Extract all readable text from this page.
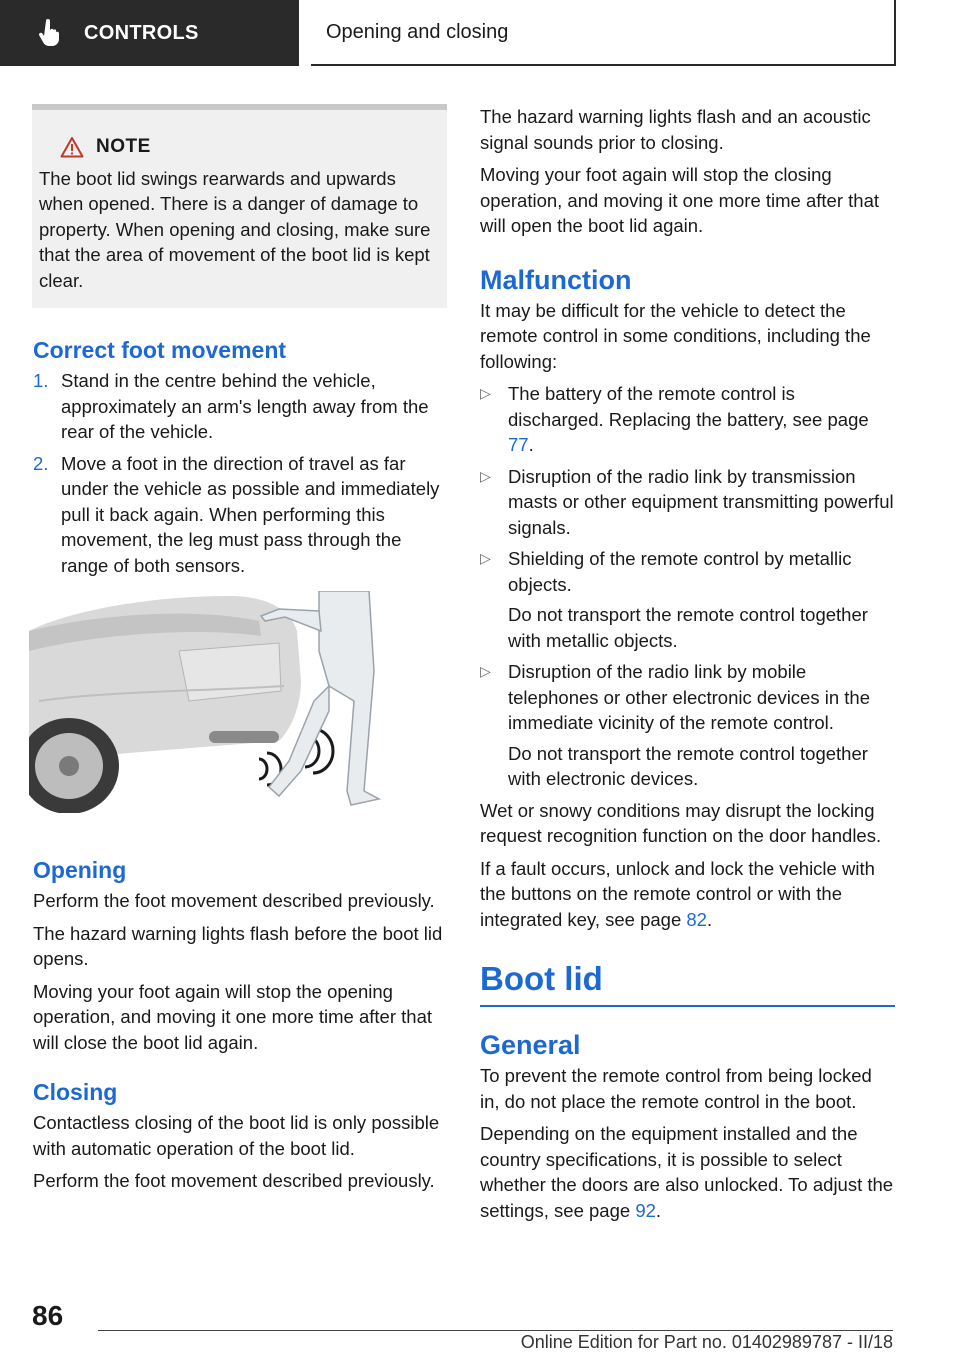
CONTROLS	Opening and closing
NOTE
The boot lid swings rearwards and upwards when opened. There is a danger of damage to property. When opening and closing, make sure that the area of movement of the boot lid is kept clear.
Correct foot movement
1. Stand in the centre behind the vehicle, approximately an arm's length away from the rear of the vehicle.
2. Move a foot in the direction of travel as far under the vehicle as possible and immediately pull it back again. When performing this movement, the leg must pass through the range of both sensors.
Opening

Perform the foot movement described previously.

The hazard warning lights flash before the boot lid opens.

Moving your foot again will stop the opening operation, and moving it one more time after that will close the boot lid again.

Closing

Contactless closing of the boot lid is only possible with automatic operation of the boot lid.

Perform the foot movement described previously.

The hazard warning lights flash and an acoustic signal sounds prior to closing.

Moving your foot again will stop the closing operation, and moving it one more time after that will open the boot lid again.

Malfunction

It may be difficult for the vehicle to detect the remote control in some conditions, including the following:

▷ The battery of the remote control is discharged. Replacing the battery, see page 77.
▷ Disruption of the radio link by transmission masts or other equipment transmitting powerful signals.
▷ Shielding of the remote control by metallic objects.
Do not transport the remote control together with metallic objects.
▷ Disruption of the radio link by mobile telephones or other electronic devices in the immediate vicinity of the remote control.
Do not transport the remote control together with electronic devices.

Wet or snowy conditions may disrupt the locking request recognition function on the door handles.

If a fault occurs, unlock and lock the vehicle with the buttons on the remote control or with the integrated key, see page 82.

Boot lid
General

To prevent the remote control from being locked in, do not place the remote control in the boot.

Depending on the equipment installed and the country specifications, it is possible to select whether the doors are also unlocked. To adjust the settings, see page 92.

86
Online Edition for Part no. 01402989787 - II/18
